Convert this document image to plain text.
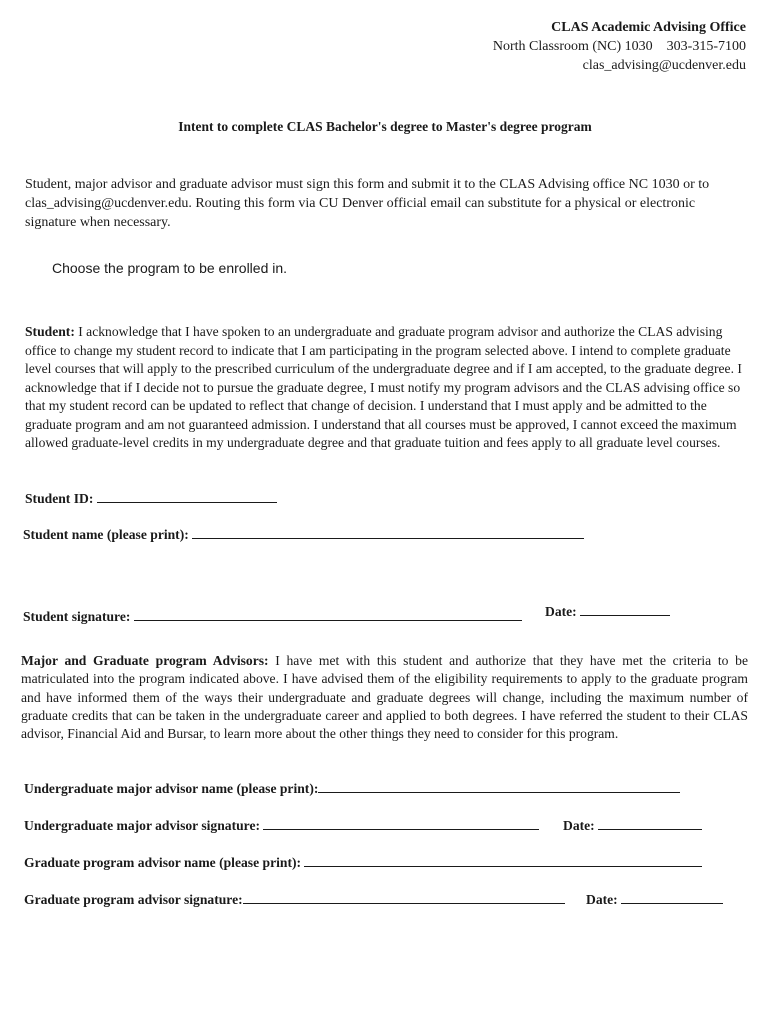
CLAS Academic Advising Office
North Classroom (NC) 1030 303-315-7100
clas_advising@ucdenver.edu
Intent to complete CLAS Bachelor's degree to Master's degree program
Student, major advisor and graduate advisor must sign this form and submit it to the CLAS Advising office NC 1030 or to clas_advising@ucdenver.edu. Routing this form via CU Denver official email can substitute for a physical or electronic signature when necessary.
Choose the program to be enrolled in.
Student: I acknowledge that I have spoken to an undergraduate and graduate program advisor and authorize the CLAS advising office to change my student record to indicate that I am participating in the program selected above. I intend to complete graduate level courses that will apply to the prescribed curriculum of the undergraduate degree and if I am accepted, to the graduate degree. I acknowledge that if I decide not to pursue the graduate degree, I must notify my program advisors and the CLAS advising office so that my student record can be updated to reflect that change of decision. I understand that I must apply and be admitted to the graduate program and am not guaranteed admission. I understand that all courses must be approved, I cannot exceed the maximum allowed graduate-level credits in my undergraduate degree and that graduate tuition and fees apply to all graduate level courses.
Student ID:
Student name (please print):
Student signature:	Date:
Major and Graduate program Advisors: I have met with this student and authorize that they have met the criteria to be matriculated into the program indicated above. I have advised them of the eligibility requirements to apply to the graduate program and have informed them of the ways their undergraduate and graduate degrees will change, including the maximum number of graduate credits that can be taken in the undergraduate career and applied to both degrees. I have referred the student to their CLAS advisor, Financial Aid and Bursar, to learn more about the other things they need to consider for this program.
Undergraduate major advisor name (please print):
Undergraduate major advisor signature:	Date:
Graduate program advisor name (please print):
Graduate program advisor signature:	Date:
